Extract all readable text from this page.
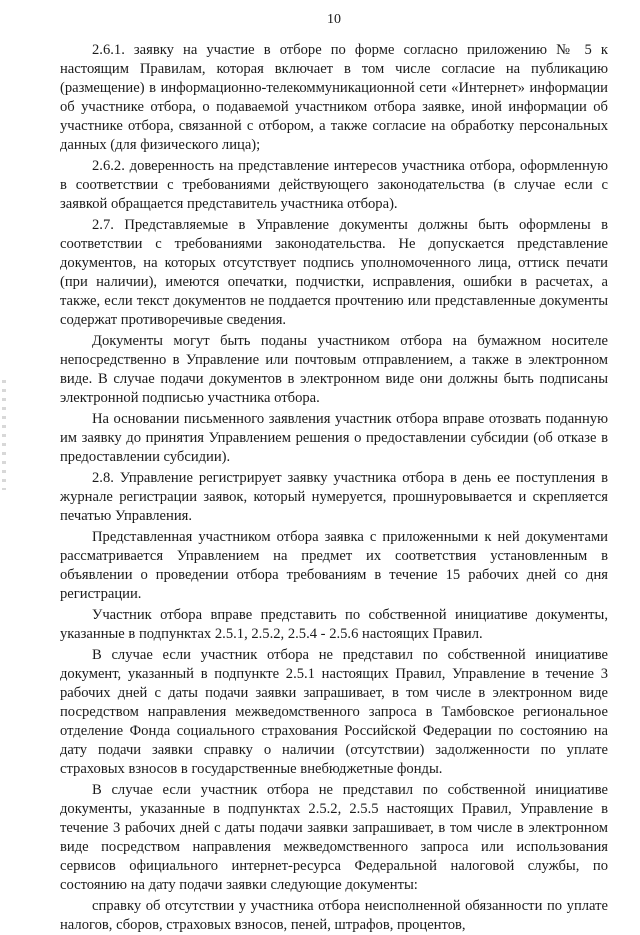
10

2.6.1. заявку на участие в отборе по форме согласно приложению № 5 к настоящим Правилам, которая включает в том числе согласие на публикацию (размещение) в информационно-телекоммуникационной сети «Интернет» информации об участнике отбора, о подаваемой участником отбора заявке, иной информации об участнике отбора, связанной с отбором, а также согласие на обработку персональных данных (для физического лица);

2.6.2. доверенность на представление интересов участника отбора, оформленную в соответствии с требованиями действующего законодательства (в случае если с заявкой обращается представитель участника отбора).

2.7. Представляемые в Управление документы должны быть оформлены в соответствии с требованиями законодательства. Не допускается представление документов, на которых отсутствует подпись уполномоченного лица, оттиск печати (при наличии), имеются опечатки, подчистки, исправления, ошибки в расчетах, а также, если текст документов не поддается прочтению или представленные документы содержат противоречивые сведения.

Документы могут быть поданы участником отбора на бумажном носителе непосредственно в Управление или почтовым отправлением, а также в электронном виде. В случае подачи документов в электронном виде они должны быть подписаны электронной подписью участника отбора.

На основании письменного заявления участник отбора вправе отозвать поданную им заявку до принятия Управлением решения о предоставлении субсидии (об отказе в предоставлении субсидии).

2.8. Управление регистрирует заявку участника отбора в день ее поступления в журнале регистрации заявок, который нумеруется, прошнуровывается и скрепляется печатью Управления.

Представленная участником отбора заявка с приложенными к ней документами рассматривается Управлением на предмет их соответствия установленным в объявлении о проведении отбора требованиям в течение 15 рабочих дней со дня регистрации.

Участник отбора вправе представить по собственной инициативе документы, указанные в подпунктах 2.5.1, 2.5.2, 2.5.4 - 2.5.6 настоящих Правил.

В случае если участник отбора не представил по собственной инициативе документ, указанный в подпункте 2.5.1 настоящих Правил, Управление в течение 3 рабочих дней с даты подачи заявки запрашивает, в том числе в электронном виде посредством направления межведомственного запроса в Тамбовское региональное отделение Фонда социального страхования Российской Федерации по состоянию на дату подачи заявки справку о наличии (отсутствии) задолженности по уплате страховых взносов в государственные внебюджетные фонды.

В случае если участник отбора не представил по собственной инициативе документы, указанные в подпунктах 2.5.2, 2.5.5 настоящих Правил, Управление в течение 3 рабочих дней с даты подачи заявки запрашивает, в том числе в электронном виде посредством направления межведомственного запроса или использования сервисов официального интернет-ресурса Федеральной налоговой службы, по состоянию на дату подачи заявки следующие документы:

справку об отсутствии у участника отбора неисполненной обязанности по уплате налогов, сборов, страховых взносов, пеней, штрафов, процентов,
